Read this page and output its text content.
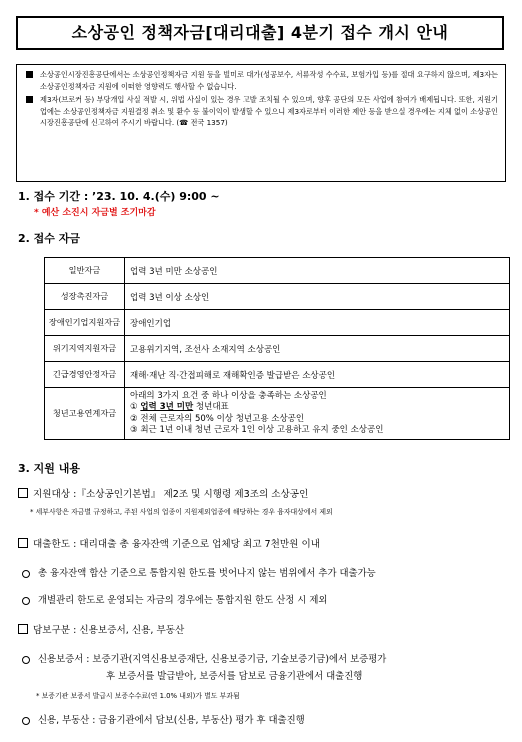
소상공인 정책자금[대리대출] 4분기 접수 개시 안내
소상공인시장진흥공단에서는 소상공인정책자금 지원 등을 빌미로 대가(성공보수, 서류작성 수수료, 보험가입 등)를 절대 요구하지 않으며, 제3자는 소상공인정책자금 지원에 이떠한 영향력도 행사할 수 없습니다.
제3자(브로커 등) 부당개입 사실 적발 시, 위법 사실이 있는 경우 고발 조치될 수 있으며, 향후 공단의 모든 사업에 참여가 배제됩니다. 또한, 지원기업에는 소상공인정책자금 지원결정 취소 및 환수 등 불이익이 발생할 수 있으니 제3자로부터 이러한 제안 등을 받으실 경우에는 지체 없이 소상공인시장진흥공단에 신고하여 주시기 바랍니다. (☎ 전국 1357)
1. 접수 기간 : ’23. 10. 4.(수) 9:00 ~
* 예산 소진시 자금별 조기마감
2. 접수 자금
일반자금	업력 3년 미만 소상공인
성장촉진자금	업력 3년 이상 소상인
장애인기업지원자금	장애인기업
위기지역지원자금	고용위기지역, 조선사 소재지역 소상공인
긴급경영안정자금	재해·재난 직·간접피해로 재해확인증 발급받은 소상공인
청년고용연계자금	아래의 3가지 요건 중 하나 이상을 충족하는 소상공인
① 업력 3년 미만 청년대표
② 전체 근로자의 50% 이상 청년고용 소상공인
③ 최근 1년 이내 청년 근로자 1인 이상 고용하고 유지 중인 소상공인
3. 지원 내용
지원대상 :『소상공인기본법』 제2조 및 시행령 제3조의 소상공인
* 세부사항은 자금별 규정하고, 주된 사업의 업종이 지원제외업종에 해당하는 경우 융자대상에서 제외
대출한도 : 대리대출 총 융자잔액 기준으로 업체당 최고 7천만원 이내
총 융자잔액 합산 기준으로 통합지원 한도를 벗어나지 않는 범위에서 추가 대출가능
개별관리 한도로 운영되는 자금의 경우에는 통합지원 한도 산정 시 제외
담보구분 : 신용보증서, 신용, 부동산
신용보증서 : 보증기관(지역신용보증재단, 신용보증기금, 기술보증기금)에서 보증평가
후 보증서를 발급받아, 보증서를 담보로 금융기관에서 대출진행
* 보증기관 보증서 발급시 보증수수료(연 1.0% 내외)가 별도 부과됨
신용, 부동산 : 금융기관에서 담보(신용, 부동산) 평가 후 대출진행
